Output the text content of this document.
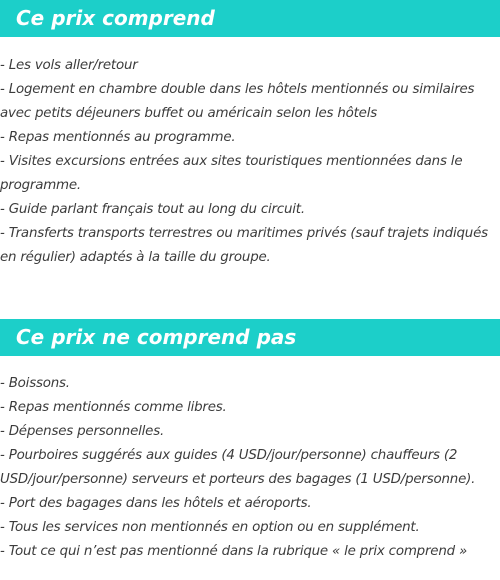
Ce prix comprend
- Les vols aller/retour
- Logement en chambre double dans les hôtels mentionnés ou similaires avec petits déjeuners buffet ou américain selon les hôtels
- Repas mentionnés au programme.
- Visites excursions entrées aux sites touristiques mentionnées dans le programme.
- Guide parlant français tout au long du circuit.
- Transferts transports terrestres ou maritimes privés (sauf trajets indiqués en régulier) adaptés à la taille du groupe.
Ce prix ne comprend pas
- Boissons.
- Repas mentionnés comme libres.
- Dépenses personnelles.
- Pourboires suggérés aux guides (4 USD/jour/personne) chauffeurs (2 USD/jour/personne) serveurs et porteurs des bagages (1 USD/personne).
- Port des bagages dans les hôtels et aéroports.
- Tous les services non mentionnés en option ou en supplément.
- Tout ce qui n’est pas mentionné dans la rubrique « le prix comprend »
